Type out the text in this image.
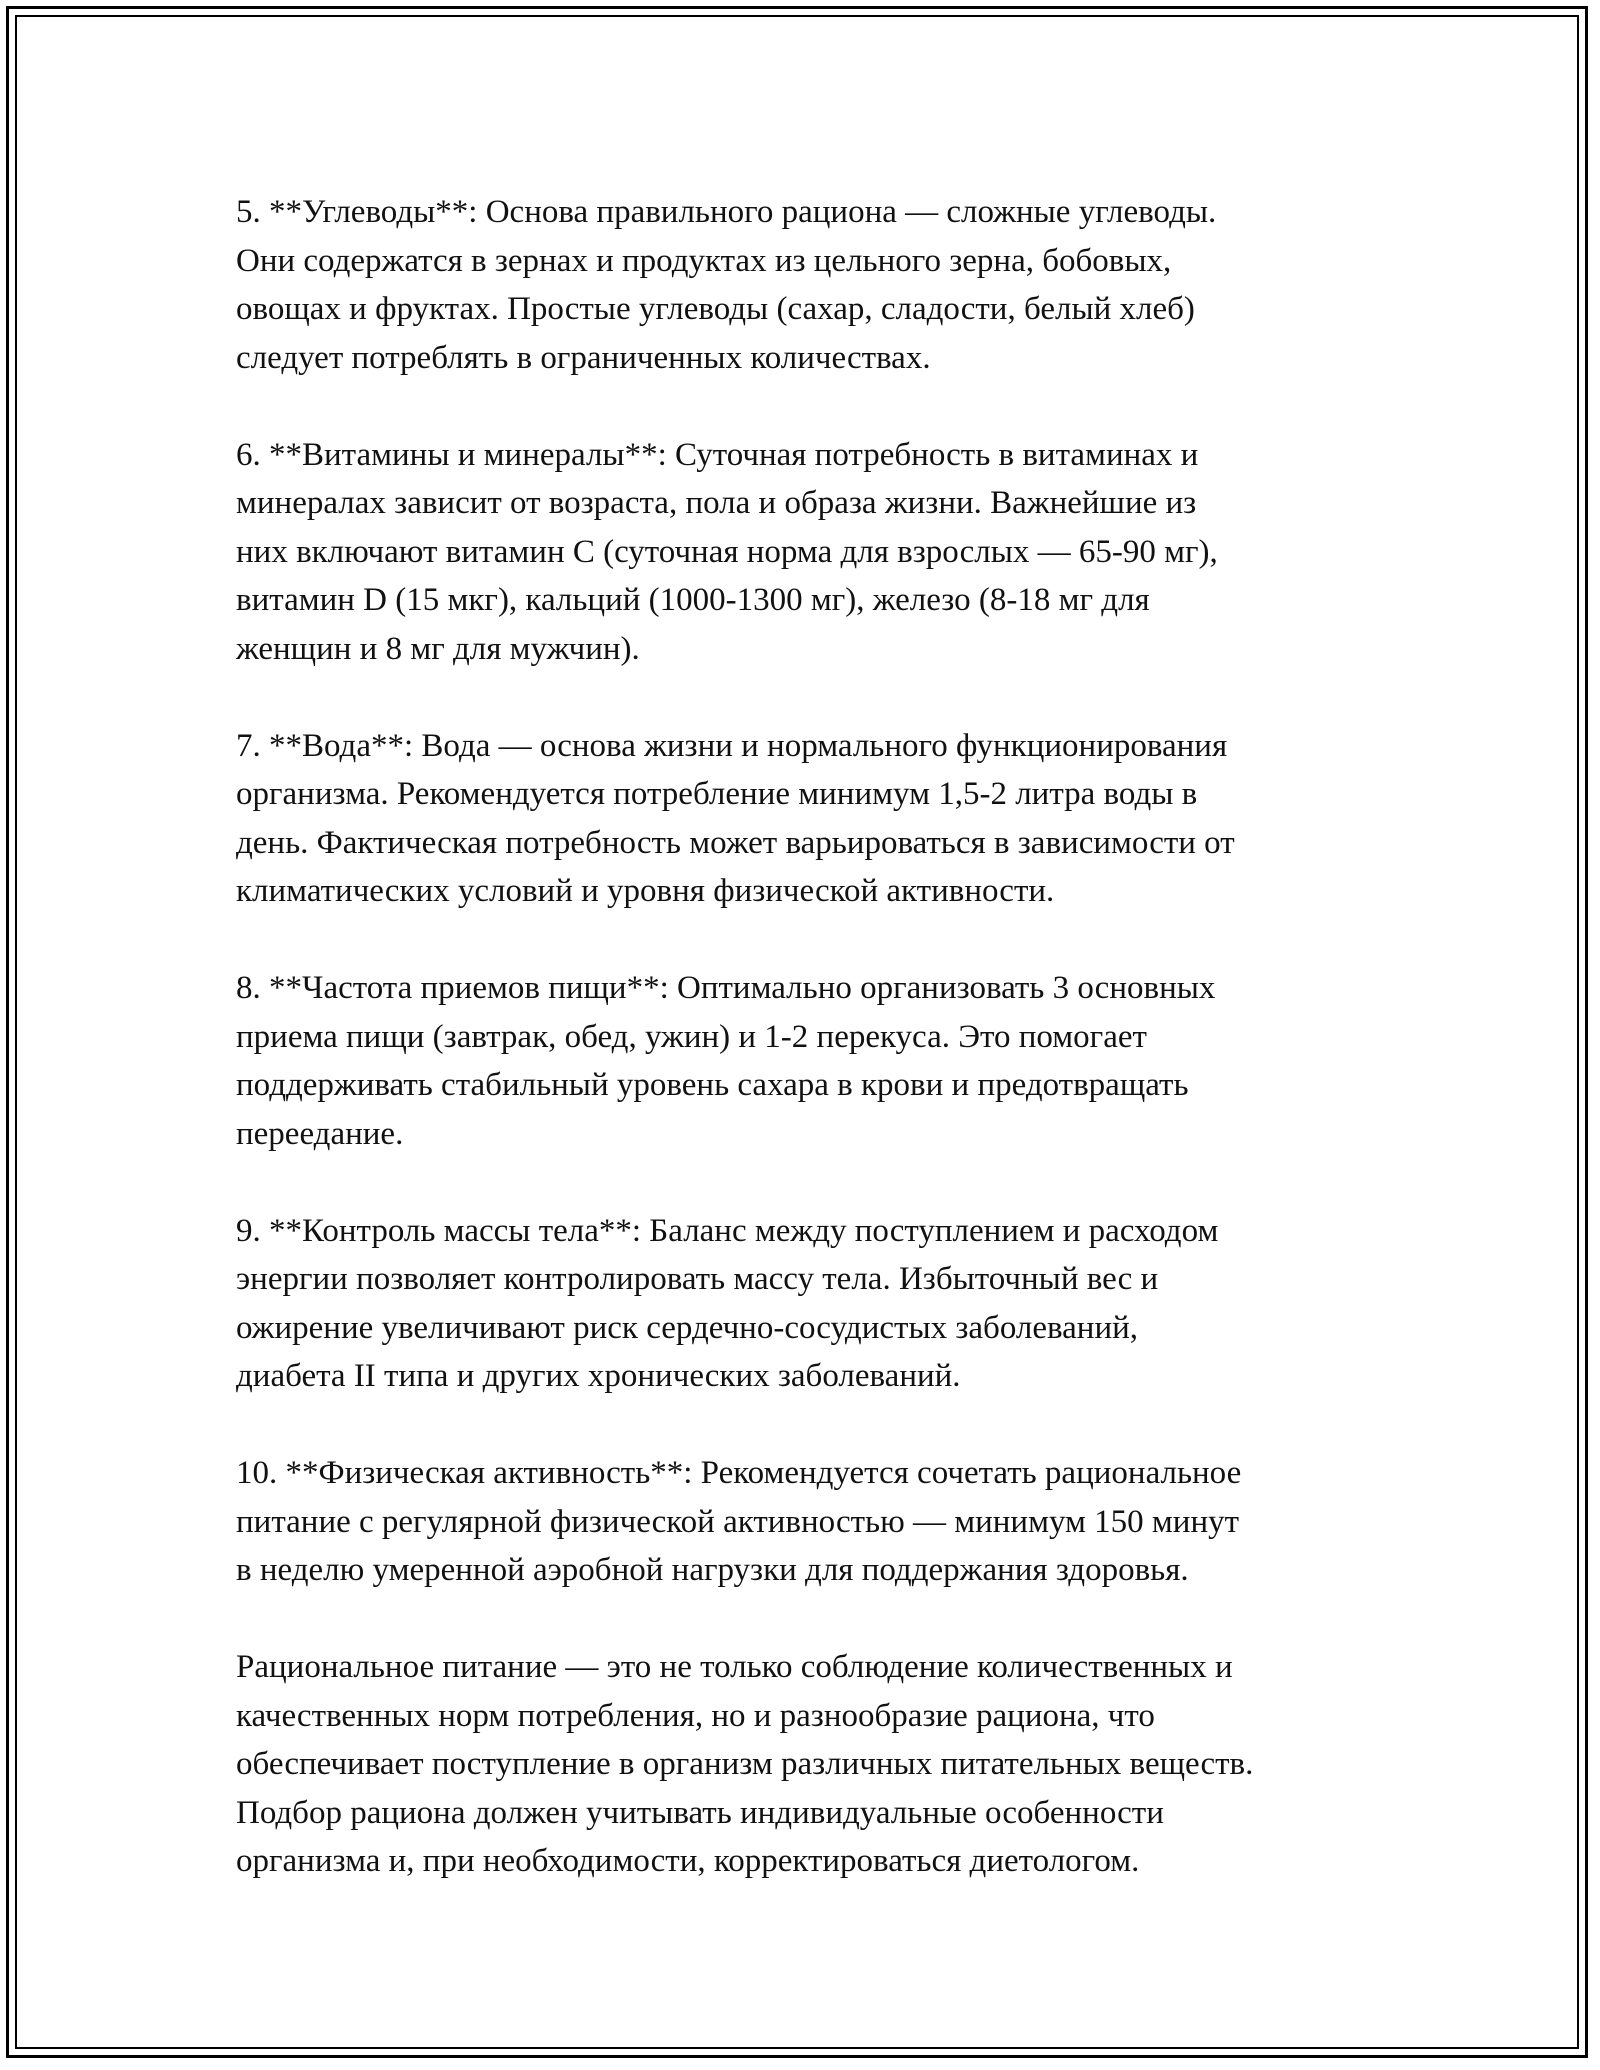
5. **Углеводы**: Основа правильного рациона — сложные углеводы.
Они содержатся в зернах и продуктах из цельного зерна, бобовых,
овощах и фруктах. Простые углеводы (сахар, сладости, белый хлеб)
следует потреблять в ограниченных количествах.

6. **Витамины и минералы**: Суточная потребность в витаминах и
минералах зависит от возраста, пола и образа жизни. Важнейшие из
них включают витамин С (суточная норма для взрослых — 65-90 мг),
витамин D (15 мкг), кальций (1000-1300 мг), железо (8-18 мг для
женщин и 8 мг для мужчин).

7. **Вода**: Вода — основа жизни и нормального функционирования
организма. Рекомендуется потребление минимум 1,5-2 литра воды в
день. Фактическая потребность может варьироваться в зависимости от
климатических условий и уровня физической активности.

8. **Частота приемов пищи**: Оптимально организовать 3 основных
приема пищи (завтрак, обед, ужин) и 1-2 перекуса. Это помогает
поддерживать стабильный уровень сахара в крови и предотвращать
переедание.

9. **Контроль массы тела**: Баланс между поступлением и расходом
энергии позволяет контролировать массу тела. Избыточный вес и
ожирение увеличивают риск сердечно-сосудистых заболеваний,
диабета II типа и других хронических заболеваний.

10. **Физическая активность**: Рекомендуется сочетать рациональное
питание с регулярной физической активностью — минимум 150 минут
в неделю умеренной аэробной нагрузки для поддержания здоровья.

Рациональное питание — это не только соблюдение количественных и
качественных норм потребления, но и разнообразие рациона, что
обеспечивает поступление в организм различных питательных веществ.
Подбор рациона должен учитывать индивидуальные особенности
организма и, при необходимости, корректироваться диетологом.
